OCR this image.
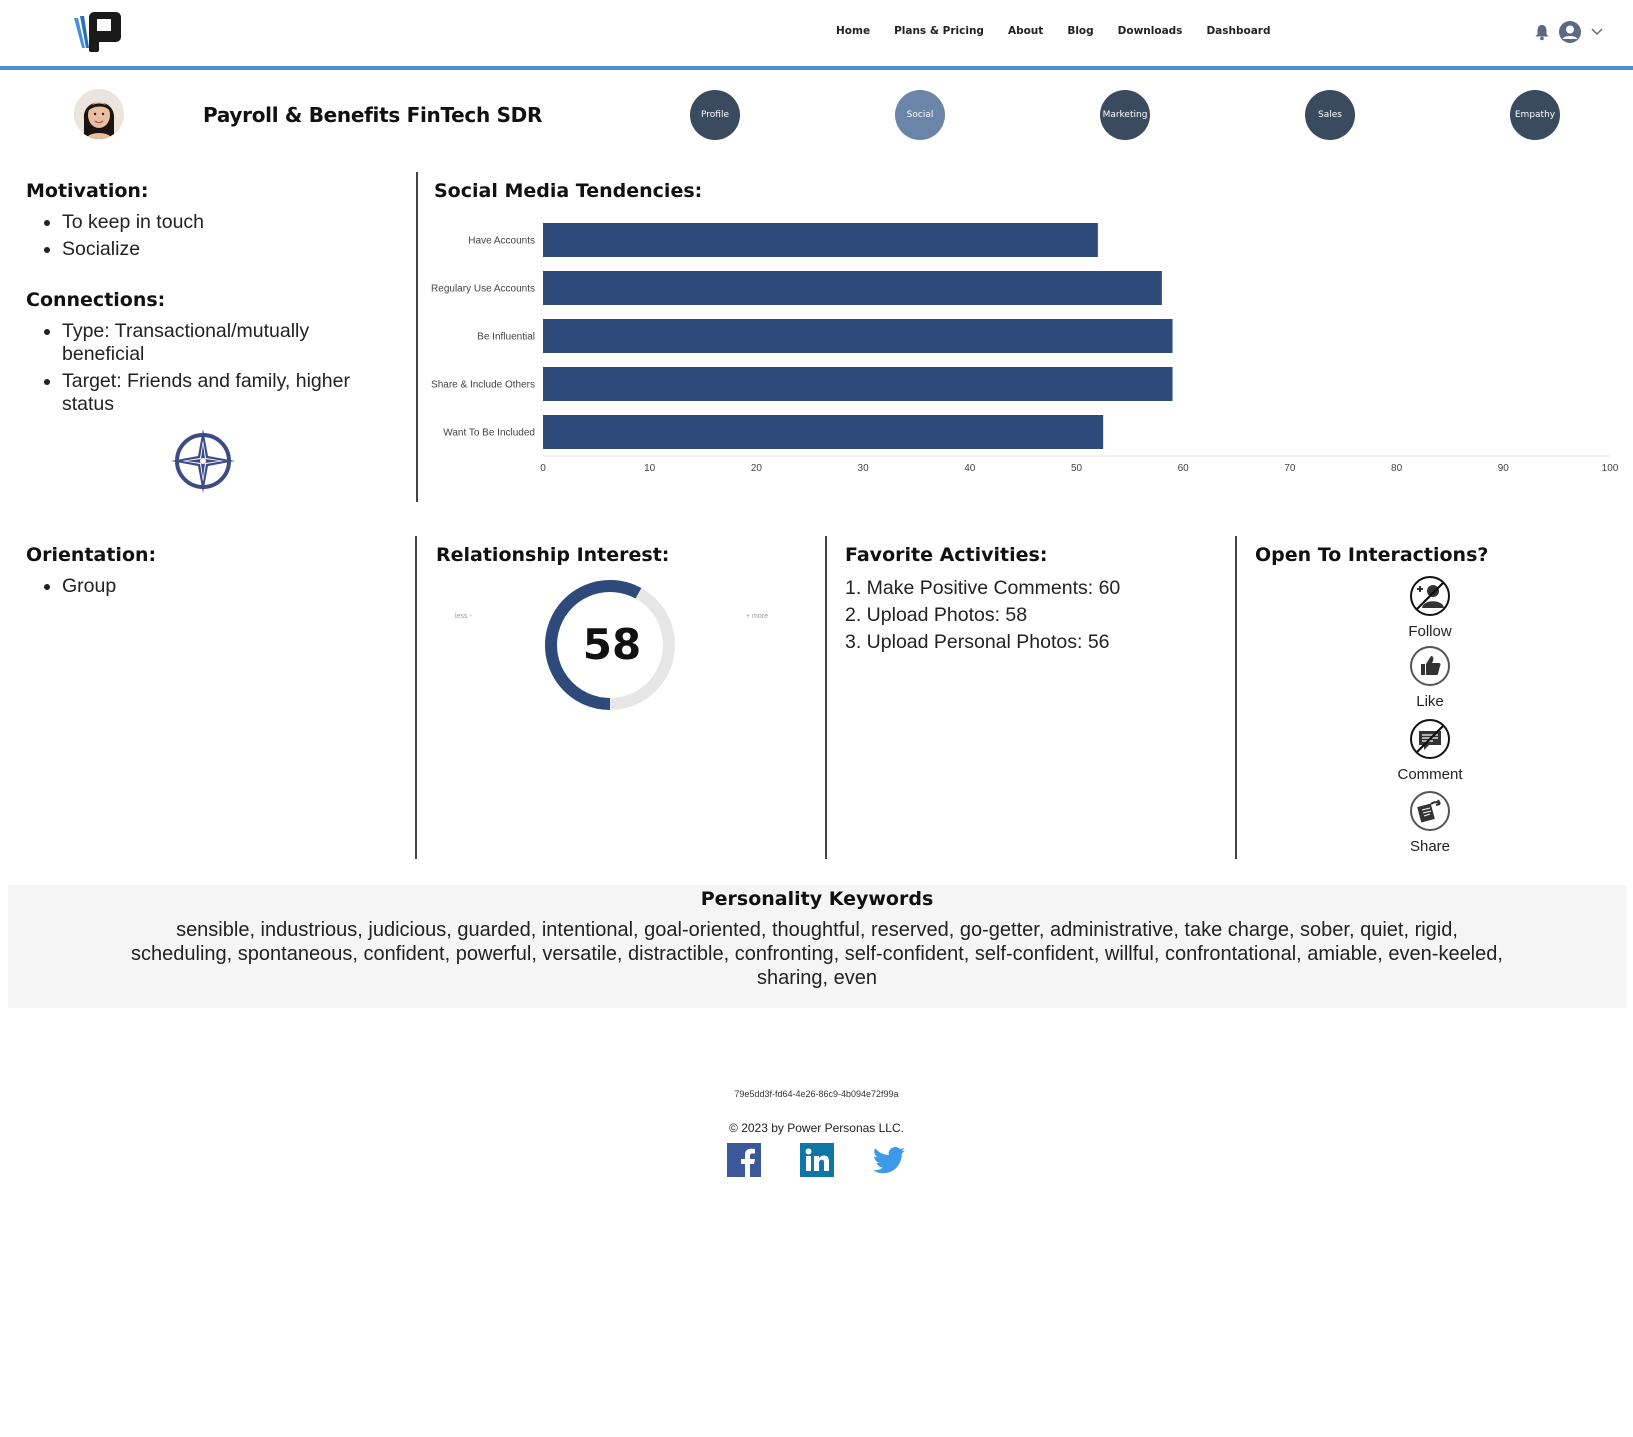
Home Plans & Pricing About Blog Downloads Dashboard
Payroll & Benefits FinTech SDR	Profile	Social	Marketing	Sales	Empathy
Motivation:
• To keep in touch
• Socialize
Connections:
• Type: Transactional/mutually beneficial
• Target: Friends and family, higher status
Social Media Tendencies:
Have Accounts
Regulary Use Accounts
Be Influential
Share & Include Others
Want To Be Included
0	10	20	30	40	50	60	70	80	90	100
Orientation:
• Group
Relationship Interest:
less -	+ more
58
Favorite Activities:
1. Make Positive Comments: 60
2. Upload Photos: 58
3. Upload Personal Photos: 56
Open To Interactions?
Follow
Like
Comment
Share
Personality Keywords
sensible, industrious, judicious, guarded, intentional, goal-oriented, thoughtful, reserved, go-getter, administrative, take charge, sober, quiet, rigid, scheduling, spontaneous, confident, powerful, versatile, distractible, confronting, self-confident, self-confident, willful, confrontational, amiable, even-keeled, sharing, even
79e5dd3f-fd64-4e26-86c9-4b094e72f99a
© 2023 by Power Personas LLC.
